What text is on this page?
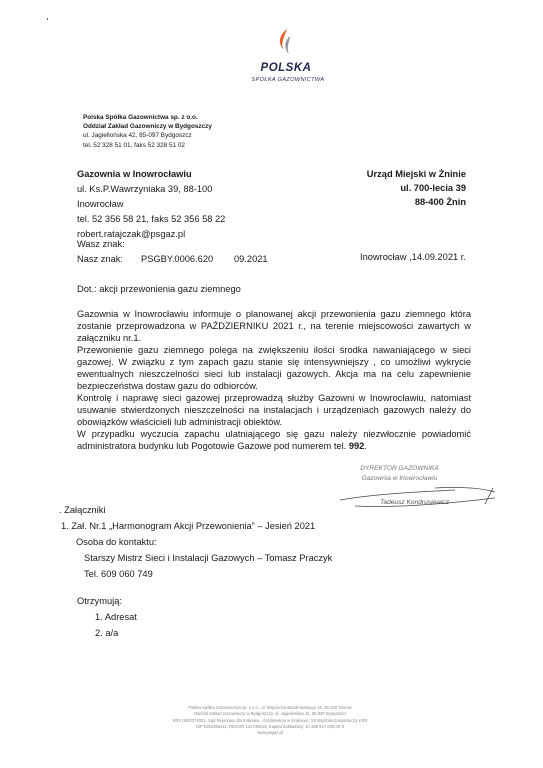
POLSKA
SPÓŁKA GAZOWNICTWA
Polska Spółka Gazownictwa sp. z o.o.
Oddział Zakład Gazowniczy w Bydgoszczy
ul. Jagiellońska 42, 85-097 Bydgoszcz
tel. 52 328 51 01, faks 52 328 51 02
Gazownia w Inowrocławiu
ul. Ks.P.Wawrzyniaka 39, 88-100
Inowrocław
tel. 52 356 58 21, faks 52 356 58 22
robert.ratajczak@psgaz.pl
Urząd Miejski w Żninie
ul. 700-lecia 39
88-400 Żnin
Wasz znak:
Nasz znak: PSGBY.0006.620 09.2021	Inowrocław ,14.09.2021 r.
Dot.: akcji przewonienia gazu ziemnego

Gazownia w Inowrocławiu informuje o planowanej akcji przewonienia gazu ziemnego która zostanie przeprowadzona w PAŹDZIERNIKU 2021 r., na terenie miejscowości zawartych w załączniku nr.1.

Przewonienie gazu ziemnego polega na zwiększeniu ilości środka nawaniającego w sieci gazowej. W związku z tym zapach gazu stanie się intensywniejszy , co umożliwi wykrycie ewentualnych nieszczelności sieci lub instalacji gazowych. Akcja ma na celu zapewnienie bezpieczeństwa dostaw gazu do odbiorców.

Kontrolę i naprawę sieci gazowej przeprowadzą służby Gazowni w Inowrocławiu, natomiast usuwanie stwierdzonych nieszczelności na instalacjach i urządzeniach gazowych należy do obowiązków właścicieli lub administracji obiektów.

W przypadku wyczucia zapachu ulatniającego się gazu należy niezwłocznie powiadomić administratora budynku lub Pogotowie Gazowe pod numerem tel. 992.

DYREKTOR GAZOWNIKA
Gazownia w Inowrocławiu
Tadeusz Kondrusiewicz
. Załączniki
1. Zał. Nr.1 „Harmonogram Akcji Przewonienia” – Jesień 2021
Osoba do kontaktu:
Starszy Mistrz Sieci i Instalacji Gazowych – Tomasz Praczyk
Tel. 609 060 749
Otrzymują:
1. Adresat
2. a/a
Polska Spółka Gazownictwa sp. z o.o., ul. Wojciecha Bandrowskiego 16, 33-100 Tarnów
Oddział Zakład Gazowniczy w Bydgoszczy, ul. Jagiellońska 42, 85-097 Bydgoszcz
KRS 0000374001, Sąd Rejonowy dla Krakowa - Śródmieścia w Krakowie, XII Wydział Gospodarczy KRS
NIP 5252496411, REGON 142739519, Kapitał Zakładowy: 10 488 917 000,00 zł
www.psgaz.pl
